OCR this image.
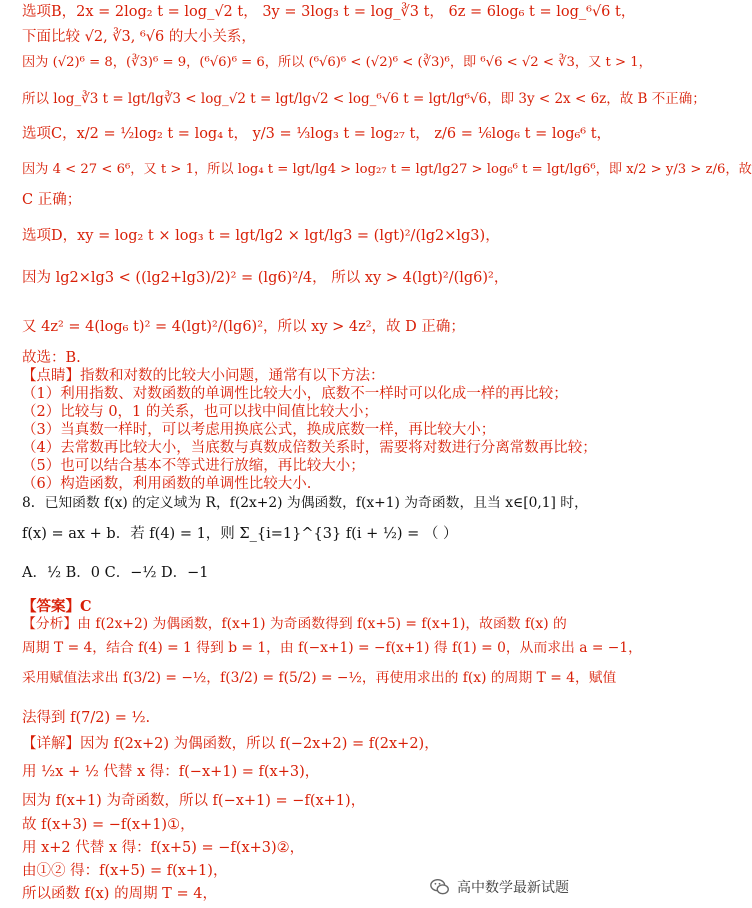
选项B，2x = 2log₂ t = log_√2 t， 3y = 3log₃ t = log_∛3 t， 6z = 6log₆ t = log_⁶√6 t，
下面比较 √2, ∛3, ⁶√6 的大小关系，
因为 (√2)⁶ = 8，(∛3)⁶ = 9，(⁶√6)⁶ = 6，所以 (⁶√6)⁶ < (√2)⁶ < (∛3)⁶，即 ⁶√6 < √2 < ∛3，又 t > 1，
所以 log_∛3 t = lgt/lg∛3 < log_√2 t = lgt/lg√2 < log_⁶√6 t = lgt/lg⁶√6，即 3y < 2x < 6z，故 B 不正确；
选项C，x/2 = ½log₂ t = log₄ t， y/3 = ⅓log₃ t = log₂₇ t， z/6 = ⅙log₆ t = log₆⁶ t，
因为 4 < 27 < 6⁶，又 t > 1，所以 log₄ t = lgt/lg4 > log₂₇ t = lgt/lg27 > log₆⁶ t = lgt/lg6⁶，即 x/2 > y/3 > z/6，故
C 正确；
选项D，xy = log₂ t × log₃ t = lgt/lg2 × lgt/lg3 = (lgt)²/(lg2×lg3)，
因为 lg2×lg3 < ((lg2+lg3)/2)² = (lg6)²/4， 所以 xy > 4(lgt)²/(lg6)²，
又 4z² = 4(log₆ t)² = 4(lgt)²/(lg6)²，所以 xy > 4z²，故 D 正确；
故选：B.
【点睛】指数和对数的比较大小问题，通常有以下方法：
（1）利用指数、对数函数的单调性比较大小，底数不一样时可以化成一样的再比较；
（2）比较与 0，1 的关系，也可以找中间值比较大小；
（3）当真数一样时，可以考虑用换底公式，换成底数一样，再比较大小；
（4）去常数再比较大小，当底数与真数成倍数关系时，需要将对数进行分离常数再比较；
（5）也可以结合基本不等式进行放缩，再比较大小；
（6）构造函数，利用函数的单调性比较大小.
8．已知函数 f(x) 的定义域为 R，f(2x+2) 为偶函数，f(x+1) 为奇函数，且当 x∈[0,1] 时，
f(x) = ax + b．若 f(4) = 1，则 Σ_{i=1}^{3} f(i + ½) = （ ）
A．½ B．0 C．−½ D．−1
【答案】C
【分析】由 f(2x+2) 为偶函数，f(x+1) 为奇函数得到 f(x+5) = f(x+1)，故函数 f(x) 的
周期 T = 4，结合 f(4) = 1 得到 b = 1，由 f(−x+1) = −f(x+1) 得 f(1) = 0，从而求出 a = −1，
采用赋值法求出 f(3/2) = −½，f(3/2) = f(5/2) = −½，再使用求出的 f(x) 的周期 T = 4，赋值
法得到 f(7/2) = ½.
【详解】因为 f(2x+2) 为偶函数，所以 f(−2x+2) = f(2x+2)，
用 ½x + ½ 代替 x 得：f(−x+1) = f(x+3)，
因为 f(x+1) 为奇函数，所以 f(−x+1) = −f(x+1)，
故 f(x+3) = −f(x+1)①，
用 x+2 代替 x 得：f(x+5) = −f(x+3)②，
由①② 得：f(x+5) = f(x+1)，
所以函数 f(x) 的周期 T = 4，	高中数学最新试题
